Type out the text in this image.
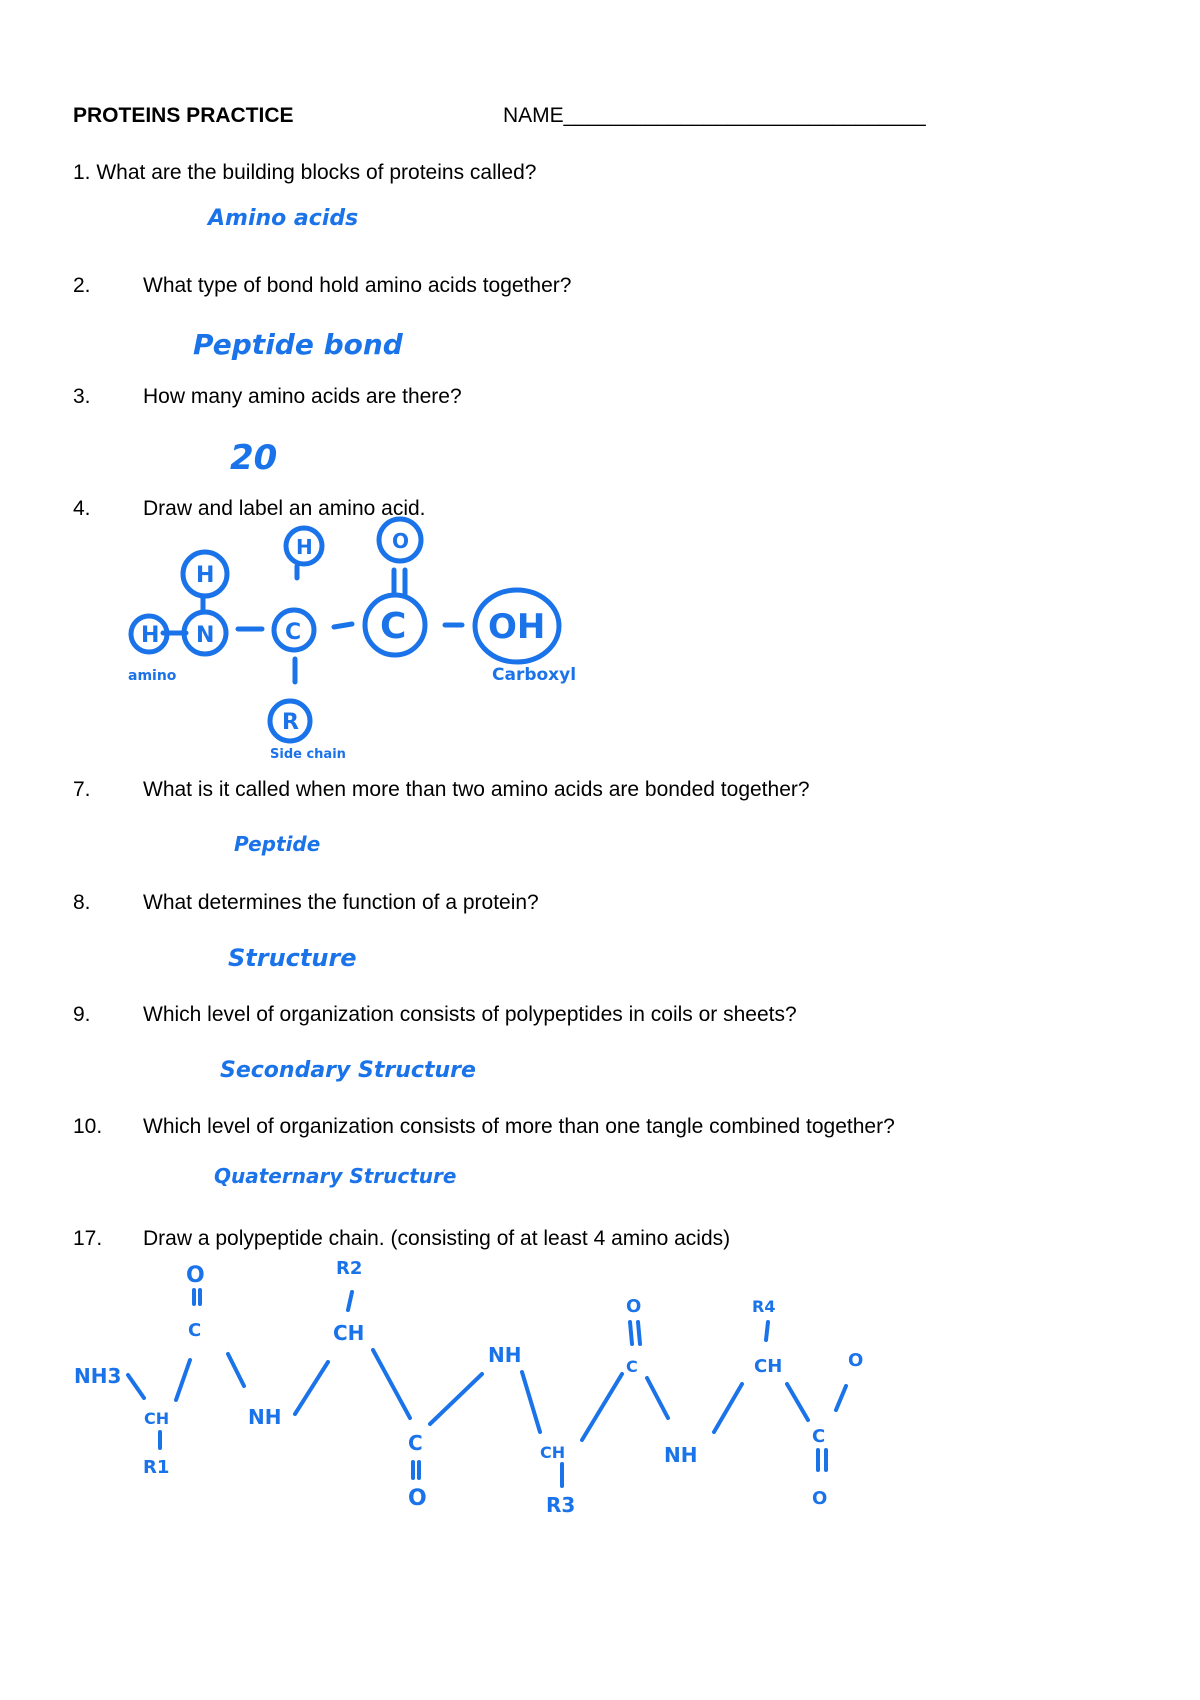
PROTEINS PRACTICE	NAME_______________________________
1. What are the building blocks of proteins called?
Amino acids
2. What type of bond hold amino acids together?
Peptide bond
3. How many amino acids are there?
20
4. Draw and label an amino acid.
H N
H
C
H	O
C OH
R
amino	Carboxyl
Side chain
7. What is it called when more than two amino acids are bonded together?
Peptide
8. What determines the function of a protein?
Structure
9. Which level of organization consists of polypeptides in coils or sheets?
Secondary Structure
10. Which level of organization consists of more than one tangle combined together?
Quaternary Structure
17. Draw a polypeptide chain. (consisting of at least 4 amino acids)
NH3
CH
R1
C
O
NH
CH
R2
C
O
NH
CH
R3
C
O
NH
CH
R4
C
O
O
